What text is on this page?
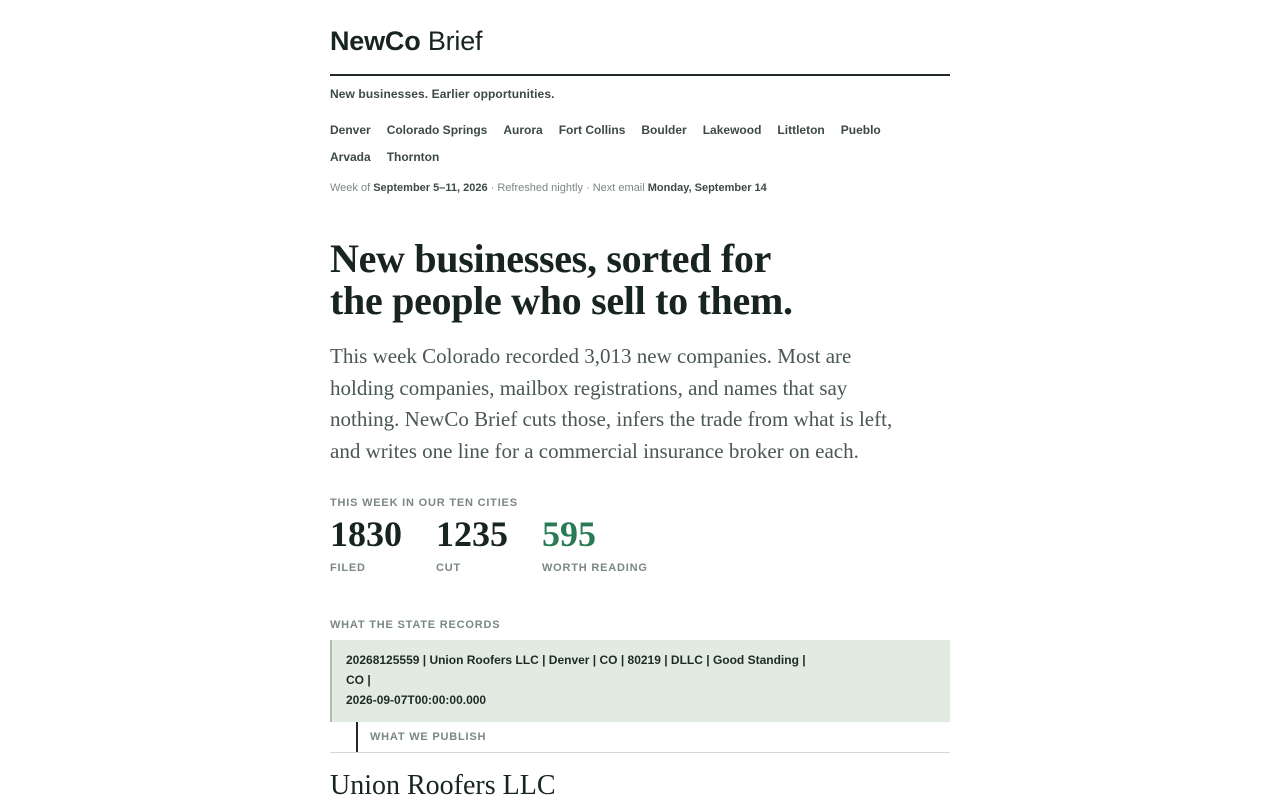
NewCo Brief
New businesses. Earlier opportunities.
Denver Colorado Springs Aurora Fort Collins Boulder Lakewood Littleton Pueblo
Arvada Thornton
Week of September 5–11, 2026 · Refreshed nightly · Next email Monday, September 14
New businesses, sorted for
the people who sell to them.

This week Colorado recorded 3,013 new companies. Most are holding companies, mailbox registrations, and names that say nothing. NewCo Brief cuts those, infers the trade from what is left, and writes one line for a commercial insurance broker on each.

THIS WEEK IN OUR TEN CITIES
1830
FILED
1235
CUT
595
WORTH READING
WHAT THE STATE RECORDS
20268125559 | Union Roofers LLC | Denver | CO | 80219 | DLLC | Good Standing | CO |
2026-09-07T00:00:00.000
WHAT WE PUBLISH
Union Roofers LLC
